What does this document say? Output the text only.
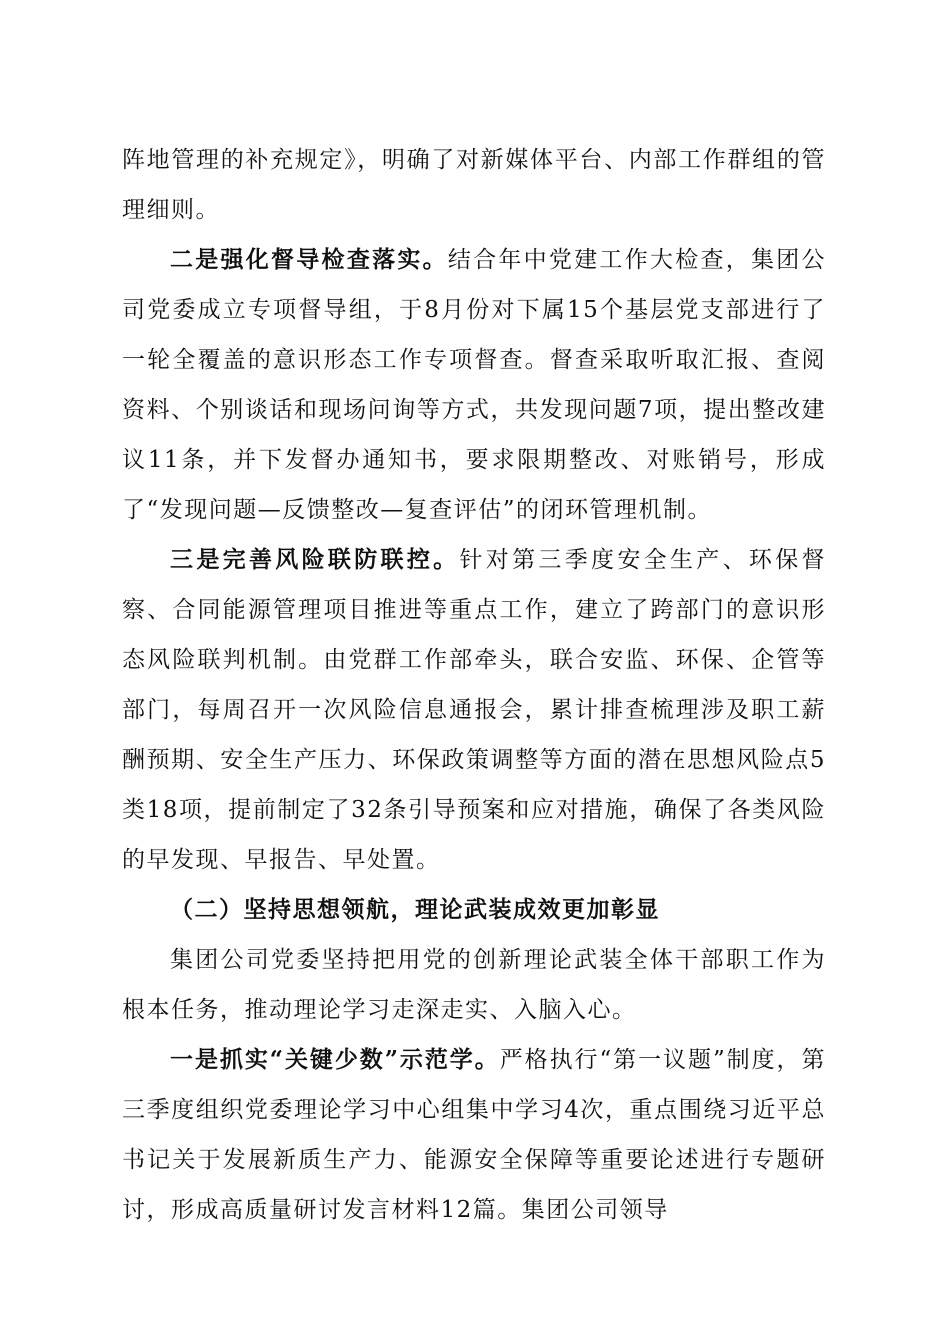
阵地管理的补充规定》，明确了对新媒体平台、内部工作群组的管理细则。

二是强化督导检查落实。结合年中党建工作大检查，集团公司党委成立专项督导组，于8月份对下属15个基层党支部进行了一轮全覆盖的意识形态工作专项督查。督查采取听取汇报、查阅资料、个别谈话和现场问询等方式，共发现问题7项，提出整改建议11条，并下发督办通知书，要求限期整改、对账销号，形成了“发现问题—反馈整改—复查评估”的闭环管理机制。

三是完善风险联防联控。针对第三季度安全生产、环保督察、合同能源管理项目推进等重点工作，建立了跨部门的意识形态风险联判机制。由党群工作部牵头，联合安监、环保、企管等部门，每周召开一次风险信息通报会，累计排查梳理涉及职工薪酬预期、安全生产压力、环保政策调整等方面的潜在思想风险点5类18项，提前制定了32条引导预案和应对措施，确保了各类风险的早发现、早报告、早处置。

（二）坚持思想领航，理论武装成效更加彰显

集团公司党委坚持把用党的创新理论武装全体干部职工作为根本任务，推动理论学习走深走实、入脑入心。

一是抓实“关键少数”示范学。严格执行“第一议题”制度，第三季度组织党委理论学习中心组集中学习4次，重点围绕习近平总书记关于发展新质生产力、能源安全保障等重要论述进行专题研讨，形成高质量研讨发言材料12篇。集团公司领导
